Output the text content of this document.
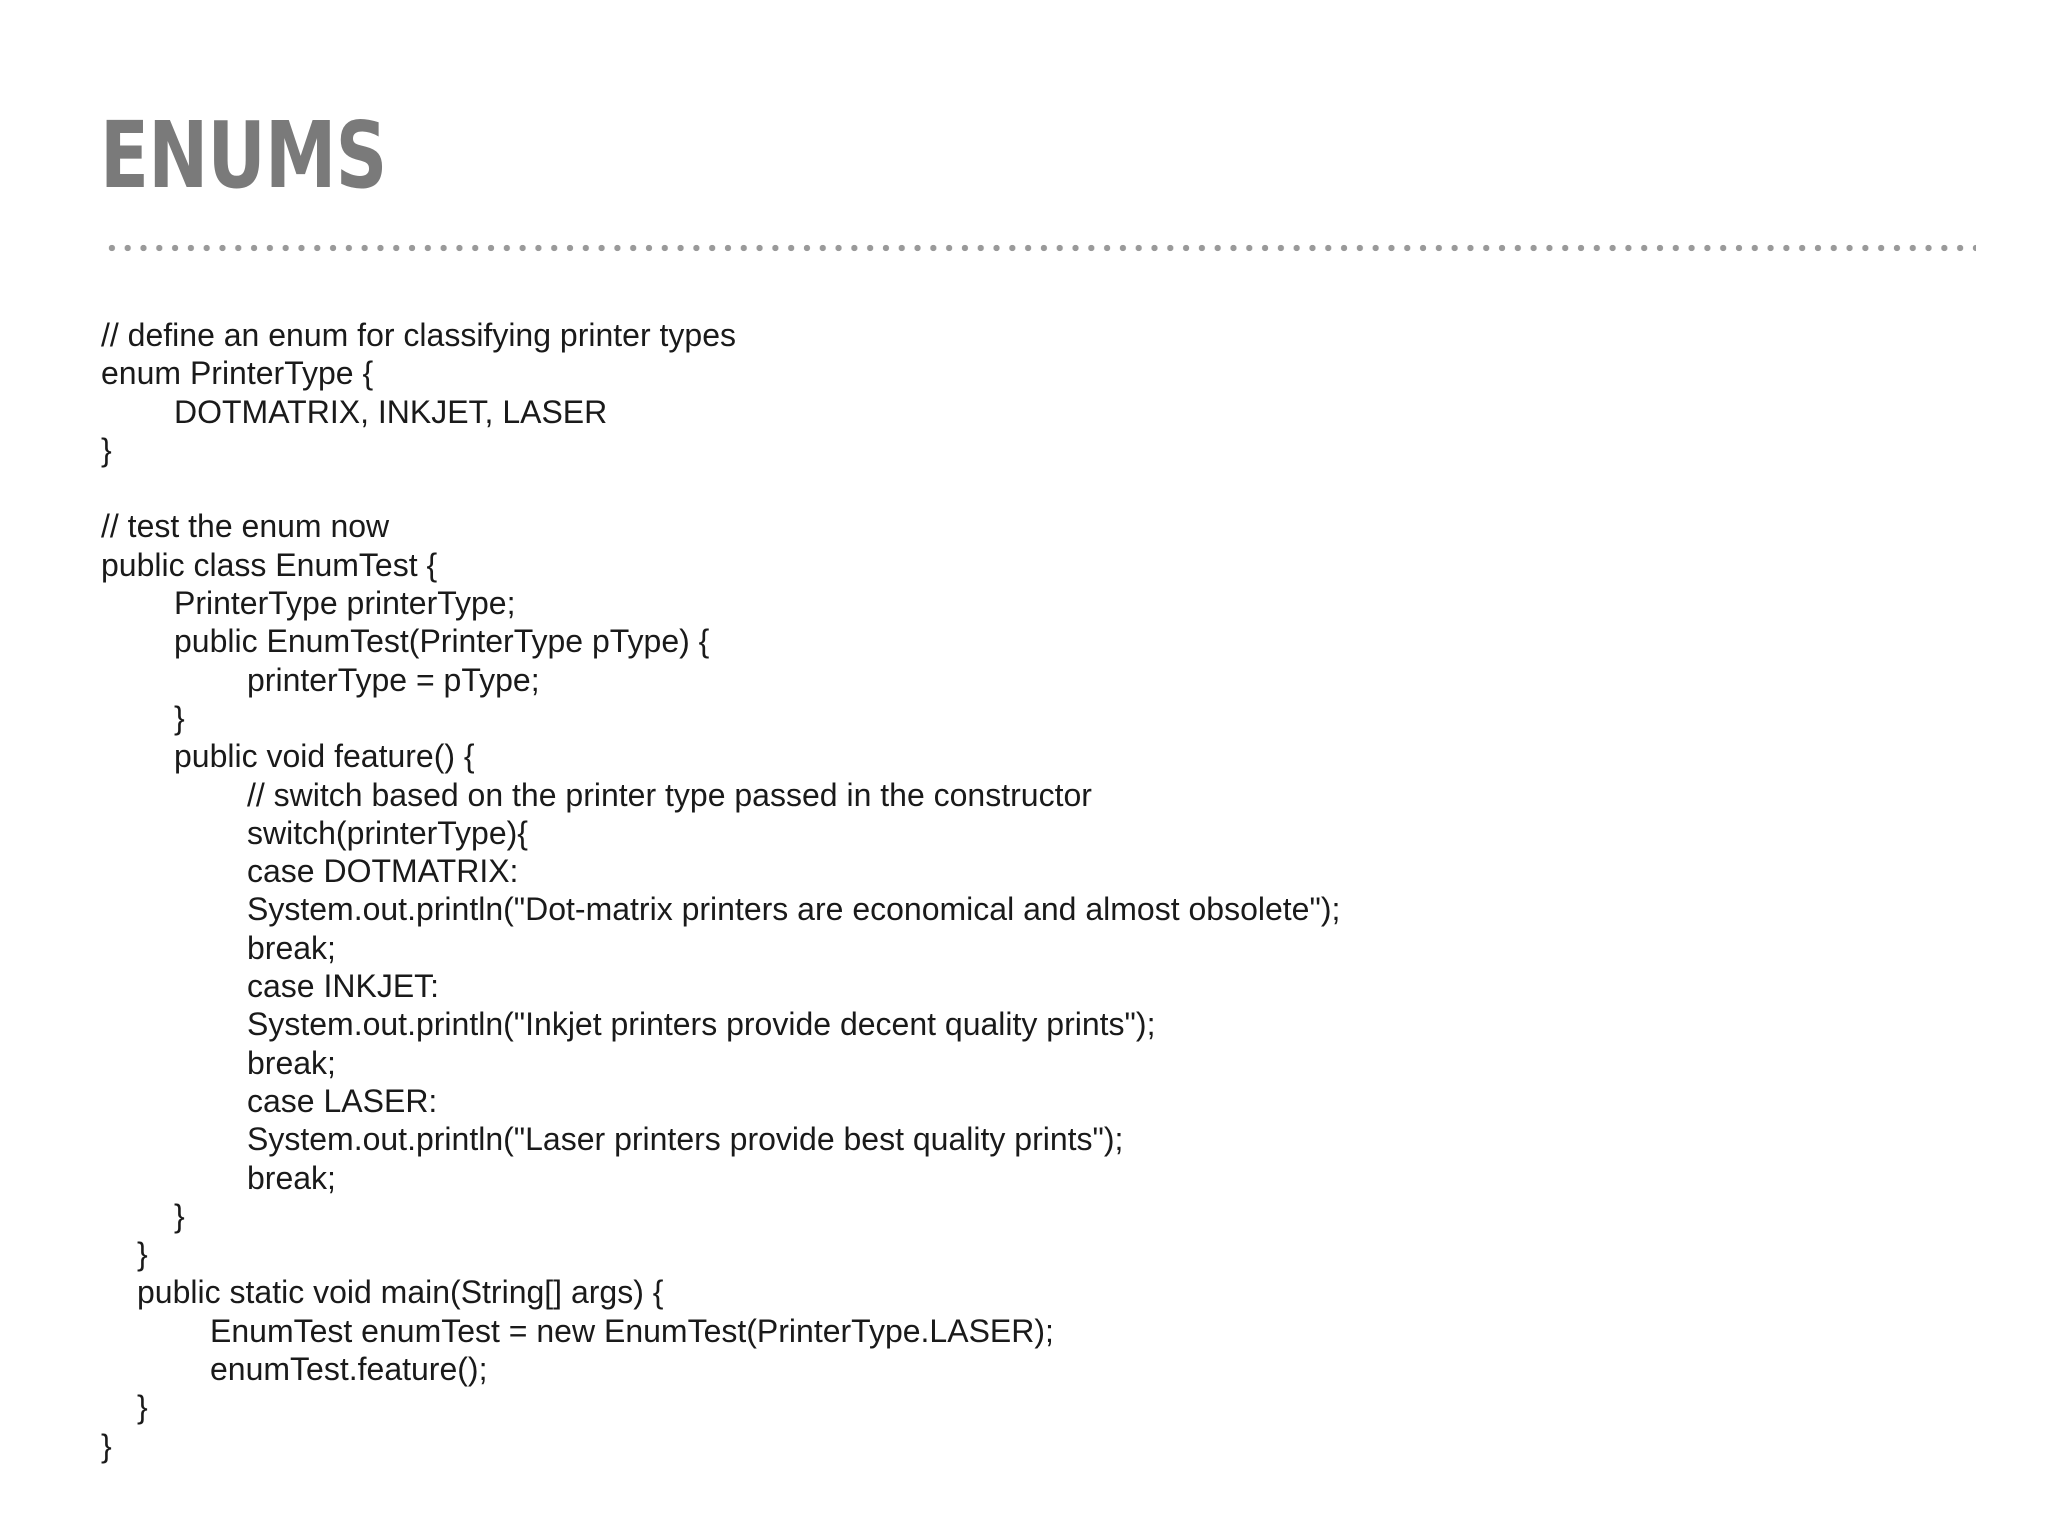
ENUMS
// define an enum for classifying printer types
enum PrinterType {
DOTMATRIX, INKJET, LASER
}
// test the enum now
public class EnumTest {
PrinterType printerType;
public EnumTest(PrinterType pType) {
printerType = pType;
}
public void feature() {
// switch based on the printer type passed in the constructor
switch(printerType){
case DOTMATRIX:
System.out.println("Dot-matrix printers are economical and almost obsolete");
break;
case INKJET:
System.out.println("Inkjet printers provide decent quality prints");
break;
case LASER:
System.out.println("Laser printers provide best quality prints");
break;
}
}
public static void main(String[] args) {
EnumTest enumTest = new EnumTest(PrinterType.LASER);
enumTest.feature();
}
}
